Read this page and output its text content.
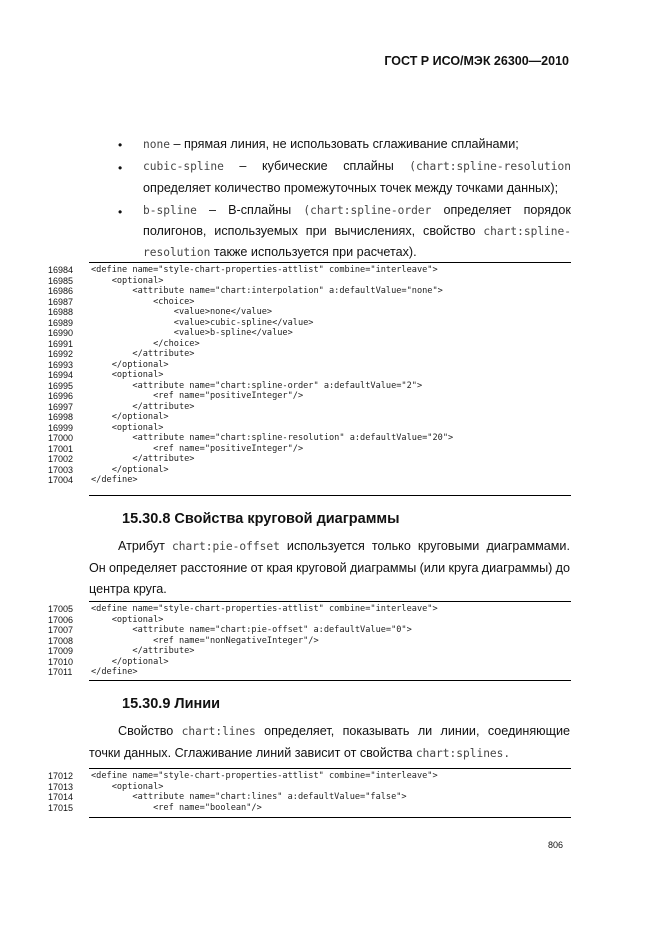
ГОСТ Р ИСО/МЭК 26300—2010
• none – прямая линия, не использовать сглаживание сплайнами;
• cubic-spline – кубические сплайны (chart:spline-resolution
определяет количество промежуточных точек между точками данных);
• b-spline – В-сплайны (chart:spline-order определяет порядок
полигонов, используемых при вычислениях, свойство chart:spline-
resolution также используется при расчетах).
16984
16985
16986
16987
16988
16989
16990
16991
16992
16993
16994
16995
16996
16997
16998
16999
17000
17001
17002
17003
17004
<define name="style-chart-properties-attlist" combine="interleave">
<optional>
<attribute name="chart:interpolation" a:defaultValue="none">
<choice>
<value>none</value>
<value>cubic-spline</value>
<value>b-spline</value>
</choice>
</attribute>
</optional>
<optional>
<attribute name="chart:spline-order" a:defaultValue="2">
<ref name="positiveInteger"/>
</attribute>
</optional>
<optional>
<attribute name="chart:spline-resolution" a:defaultValue="20">
<ref name="positiveInteger"/>
</attribute>
</optional>
</define>
15.30.8 Свойства круговой диаграммы
Атрибут chart:pie-offset используется только круговыми диаграммами.
Он определяет расстояние от края круговой диаграммы (или круга диаграммы) до
центра круга.
17005
17006
17007
17008
17009
17010
17011
<define name="style-chart-properties-attlist" combine="interleave">
<optional>
<attribute name="chart:pie-offset" a:defaultValue="0">
<ref name="nonNegativeInteger"/>
</attribute>
</optional>
</define>
15.30.9 Линии
Свойство chart:lines определяет, показывать ли линии, соединяющие
точки данных. Сглаживание линий зависит от свойства chart:splines.
17012
17013
17014
17015
<define name="style-chart-properties-attlist" combine="interleave">
<optional>
<attribute name="chart:lines" a:defaultValue="false">
<ref name="boolean"/>
806
